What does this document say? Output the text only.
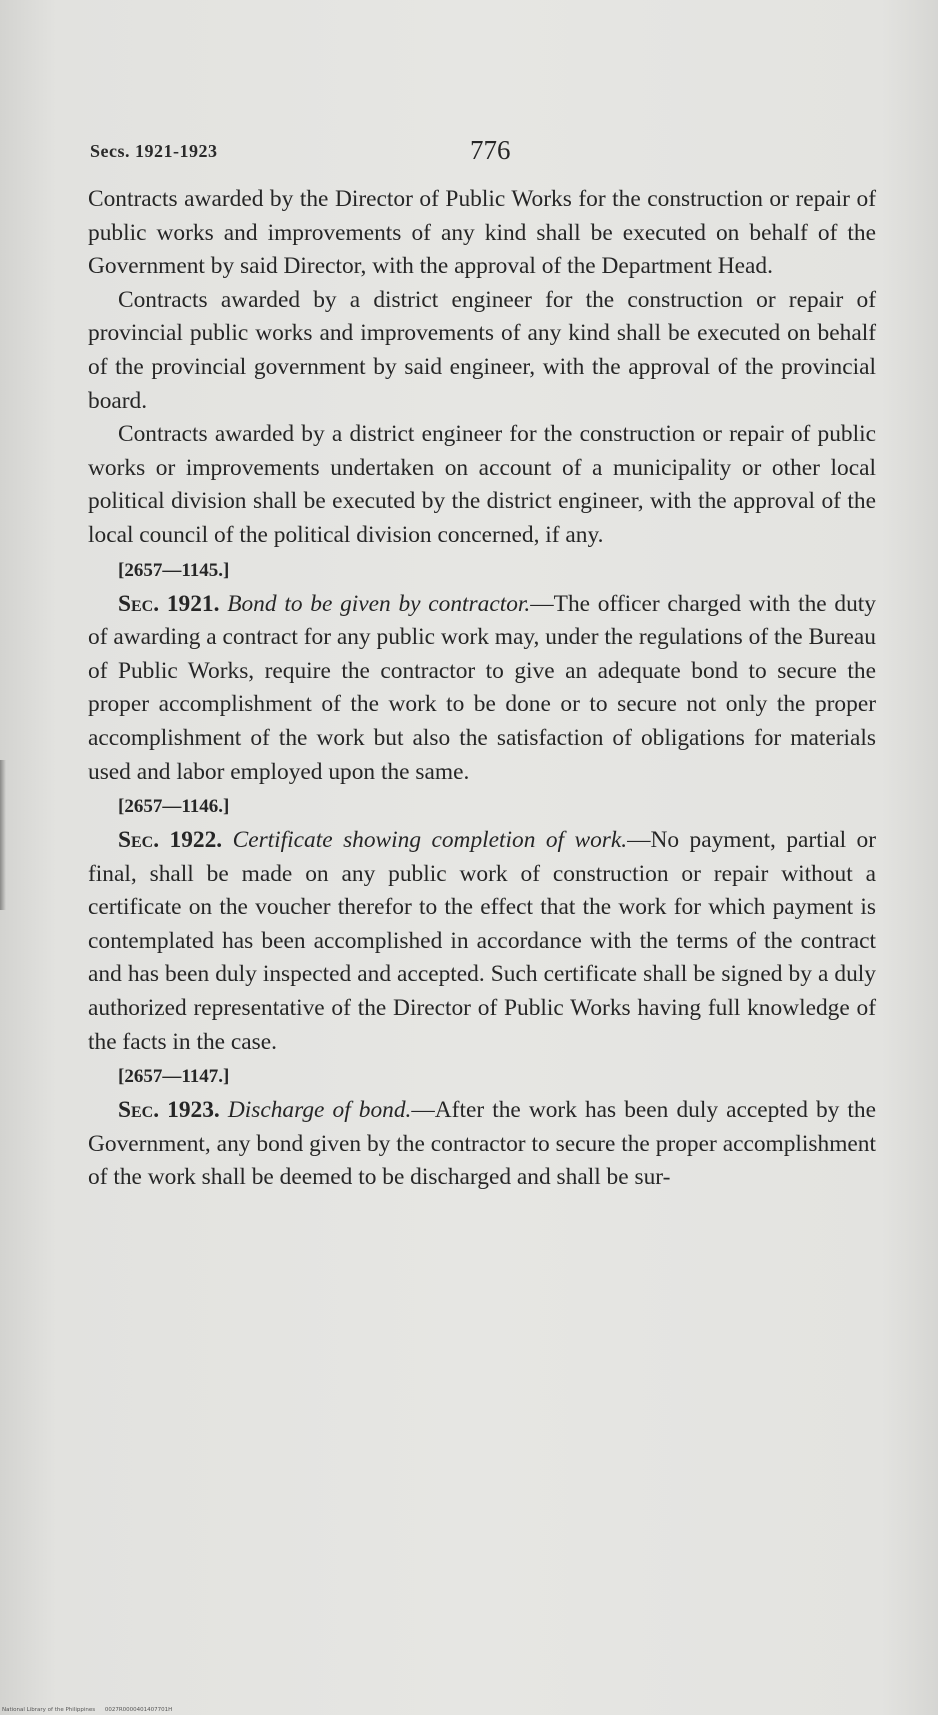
Secs. 1921-1923	776

Contracts awarded by the Director of Public Works for the construction or repair of public works and improvements of any kind shall be executed on behalf of the Government by said Director, with the approval of the Department Head.

Contracts awarded by a district engineer for the construction or repair of provincial public works and improvements of any kind shall be executed on behalf of the provincial government by said engineer, with the approval of the provincial board.

Contracts awarded by a district engineer for the construction or repair of public works or improvements undertaken on account of a municipality or other local political division shall be executed by the district engineer, with the approval of the local council of the political division concerned, if any.

[2657—1145.]

Sec. 1921. Bond to be given by contractor.—The officer charged with the duty of awarding a contract for any public work may, under the regulations of the Bureau of Public Works, require the contractor to give an adequate bond to secure the proper accomplishment of the work to be done or to secure not only the proper accomplishment of the work but also the satisfaction of obligations for materials used and labor employed upon the same.

[2657—1146.]

Sec. 1922. Certificate showing completion of work.—No payment, partial or final, shall be made on any public work of construction or repair without a certificate on the voucher therefor to the effect that the work for which payment is contemplated has been accomplished in accordance with the terms of the contract and has been duly inspected and accepted. Such certificate shall be signed by a duly authorized representative of the Director of Public Works having full knowledge of the facts in the case.

[2657—1147.]

Sec. 1923. Discharge of bond.—After the work has been duly accepted by the Government, any bond given by the contractor to secure the proper accomplishment of the work shall be deemed to be discharged and shall be sur-

National Library of the Philippines 0027R0000401407701H
